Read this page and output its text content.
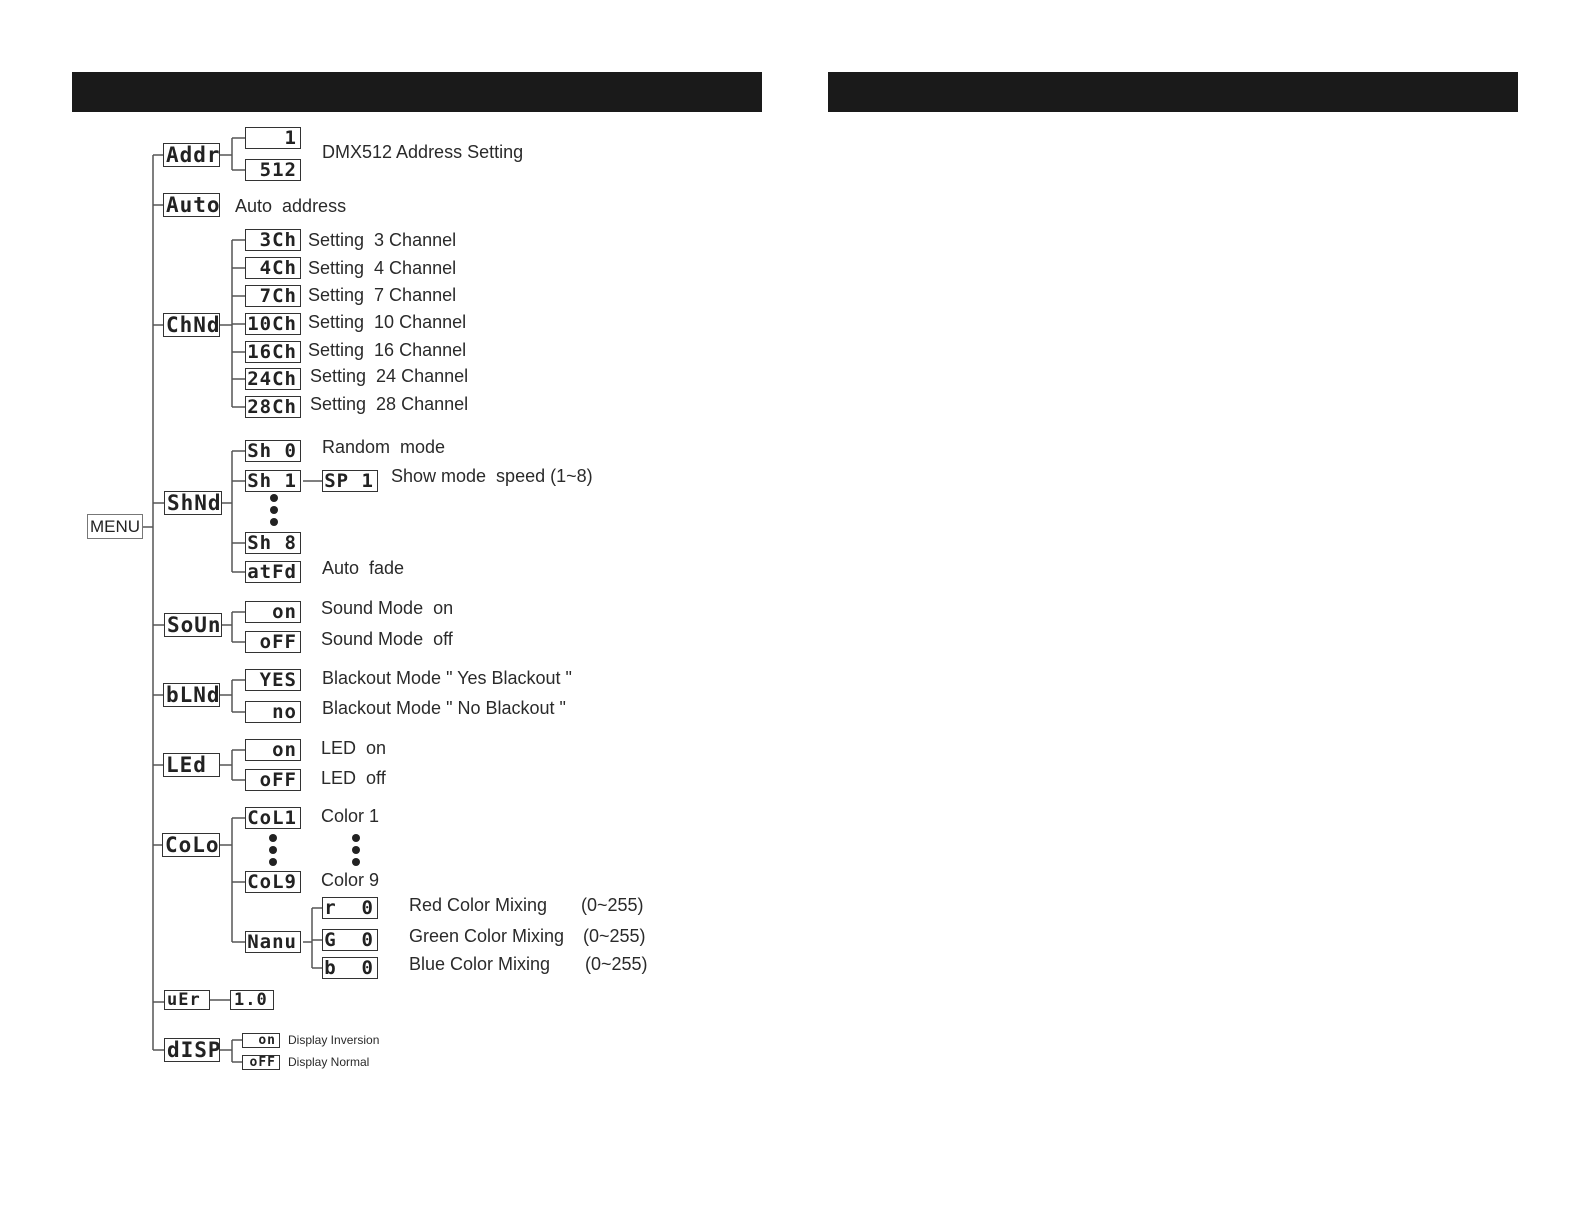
MENU
Addr
1
512
DMX512 Address Setting
Auto Auto  address
ChNd
3Ch Setting  3 Channel
4Ch Setting  4 Channel
7Ch Setting  7 Channel
10Ch Setting  10 Channel
16Ch Setting  16 Channel
24Ch Setting  24 Channel
28Ch Setting  28 Channel
ShNd
Sh 0 Random  mode
Sh 1 SP 1 Show mode  speed (1~8)
Sh 8
atFd Auto  fade
SoUn
on Sound Mode  on
oFF Sound Mode  off
bLNd
YES Blackout Mode " Yes Blackout "
no Blackout Mode " No Blackout "
LEd
on LED  on
oFF LED  off
CoLo
CoL1 Color 1
CoL9 Color 9
Nanu
r  0 Red Color Mixing (0~255)
G  0 Green Color Mixing (0~255)
b  0 Blue Color Mixing (0~255)
uEr	1.0
dISP	on	Display Inversion
oFF	Display Normal
